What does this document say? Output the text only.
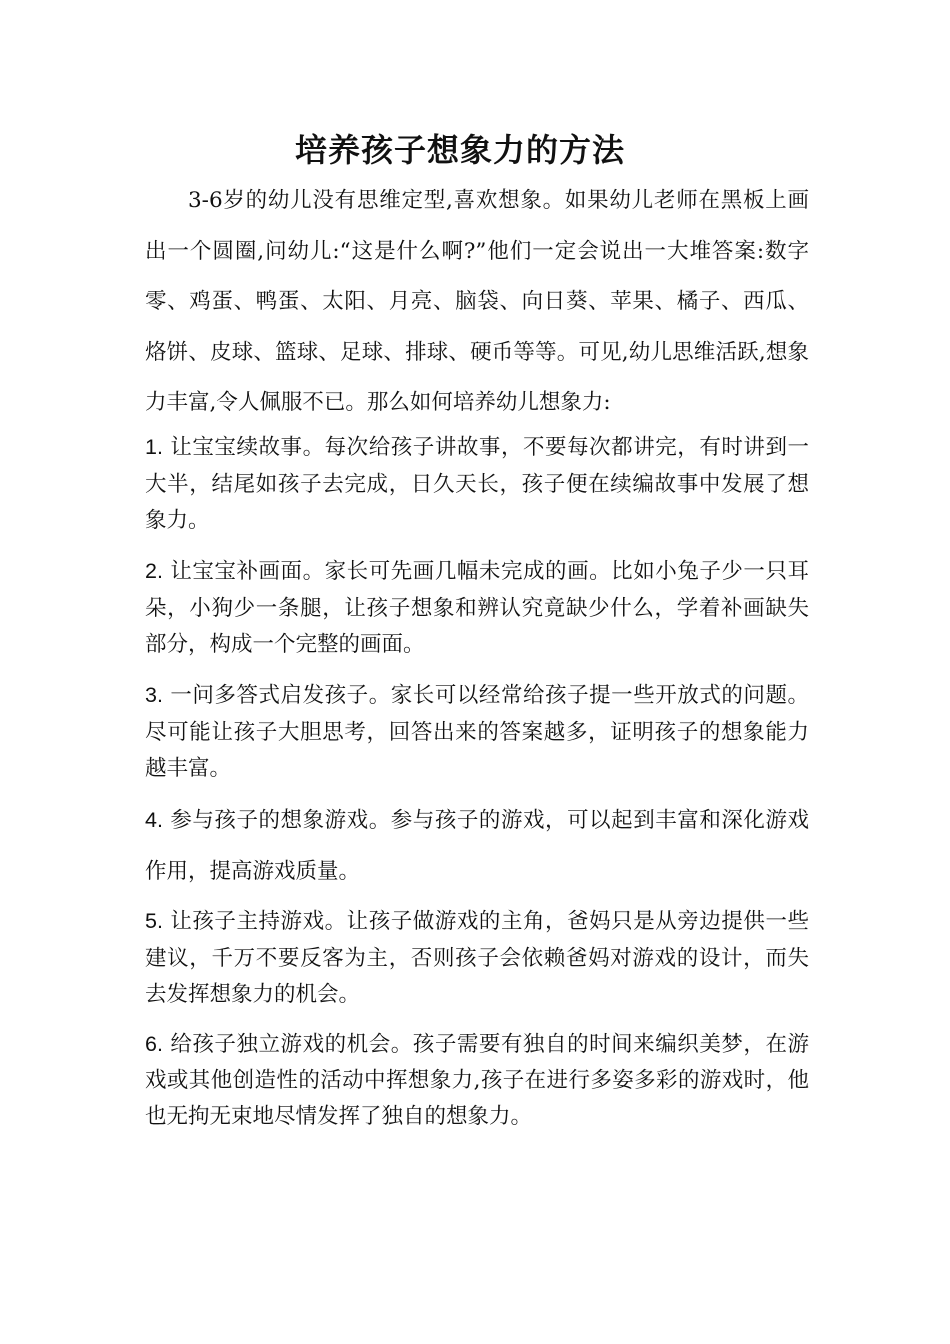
培养孩子想象力的方法

3-6岁的幼儿没有思维定型,喜欢想象。如果幼儿老师在黑板上画出一个圆圈,问幼儿:“这是什么啊?”他们一定会说出一大堆答案:数字零、鸡蛋、鸭蛋、太阳、月亮、脑袋、向日葵、苹果、橘子、西瓜、烙饼、皮球、篮球、足球、排球、硬币等等。可见,幼儿思维活跃,想象力丰富,令人佩服不已。那么如何培养幼儿想象力:

1. 让宝宝续故事。每次给孩子讲故事，不要每次都讲完，有时讲到一大半，结尾如孩子去完成，日久天长，孩子便在续编故事中发展了想象力。

2. 让宝宝补画面。家长可先画几幅未完成的画。比如小兔子少一只耳朵，小狗少一条腿，让孩子想象和辨认究竟缺少什么，学着补画缺失部分，构成一个完整的画面。

3. 一问多答式启发孩子。家长可以经常给孩子提一些开放式的问题。尽可能让孩子大胆思考，回答出来的答案越多，证明孩子的想象能力越丰富。

4. 参与孩子的想象游戏。参与孩子的游戏，可以起到丰富和深化游戏作用，提高游戏质量。

5. 让孩子主持游戏。让孩子做游戏的主角，爸妈只是从旁边提供一些建议，千万不要反客为主，否则孩子会依赖爸妈对游戏的设计，而失去发挥想象力的机会。

6. 给孩子独立游戏的机会。孩子需要有独自的时间来编织美梦，在游戏或其他创造性的活动中挥想象力,孩子在进行多姿多彩的游戏时，他也无拘无束地尽情发挥了独自的想象力。
